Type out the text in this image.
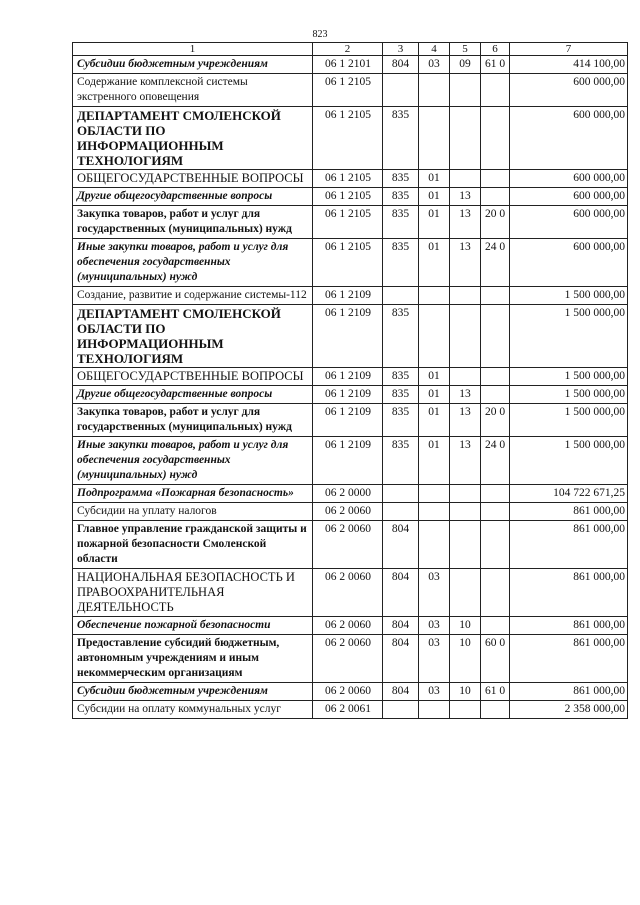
823
1	2	3	4	5	6	7
Субсидии бюджетным учреждениям	06 1 2101	804	03	09	61 0	414 100,00
Содержание комплексной системы экстренного оповещения	06 1 2105					600 000,00
ДЕПАРТАМЕНТ СМОЛЕНСКОЙ ОБЛАСТИ ПО ИНФОРМАЦИОННЫМ ТЕХНОЛОГИЯМ	06 1 2105	835				600 000,00
ОБЩЕГОСУДАРСТВЕННЫЕ ВОПРОСЫ	06 1 2105	835	01			600 000,00
Другие общегосударственные вопросы	06 1 2105	835	01	13		600 000,00
Закупка товаров, работ и услуг для государственных (муниципальных) нужд	06 1 2105	835	01	13	20 0	600 000,00
Иные закупки товаров, работ и услуг для обеспечения государственных (муниципальных) нужд	06 1 2105	835	01	13	24 0	600 000,00
Создание, развитие и содержание системы-112	06 1 2109					1 500 000,00
ДЕПАРТАМЕНТ СМОЛЕНСКОЙ ОБЛАСТИ ПО ИНФОРМАЦИОННЫМ ТЕХНОЛОГИЯМ	06 1 2109	835				1 500 000,00
ОБЩЕГОСУДАРСТВЕННЫЕ ВОПРОСЫ	06 1 2109	835	01			1 500 000,00
Другие общегосударственные вопросы	06 1 2109	835	01	13		1 500 000,00
Закупка товаров, работ и услуг для государственных (муниципальных) нужд	06 1 2109	835	01	13	20 0	1 500 000,00
Иные закупки товаров, работ и услуг для обеспечения государственных (муниципальных) нужд	06 1 2109	835	01	13	24 0	1 500 000,00
Подпрограмма «Пожарная безопасность»	06 2 0000					104 722 671,25
Субсидии на уплату налогов	06 2 0060					861 000,00
Главное управление гражданской защиты и пожарной безопасности Смоленской области	06 2 0060	804				861 000,00
НАЦИОНАЛЬНАЯ БЕЗОПАСНОСТЬ И ПРАВООХРАНИТЕЛЬНАЯ ДЕЯТЕЛЬНОСТЬ	06 2 0060	804	03			861 000,00
Обеспечение пожарной безопасности	06 2 0060	804	03	10		861 000,00
Предоставление субсидий бюджетным, автономным учреждениям и иным некоммерческим организациям	06 2 0060	804	03	10	60 0	861 000,00
Субсидии бюджетным учреждениям	06 2 0060	804	03	10	61 0	861 000,00
Субсидии на оплату коммунальных услуг	06 2 0061					2 358 000,00
